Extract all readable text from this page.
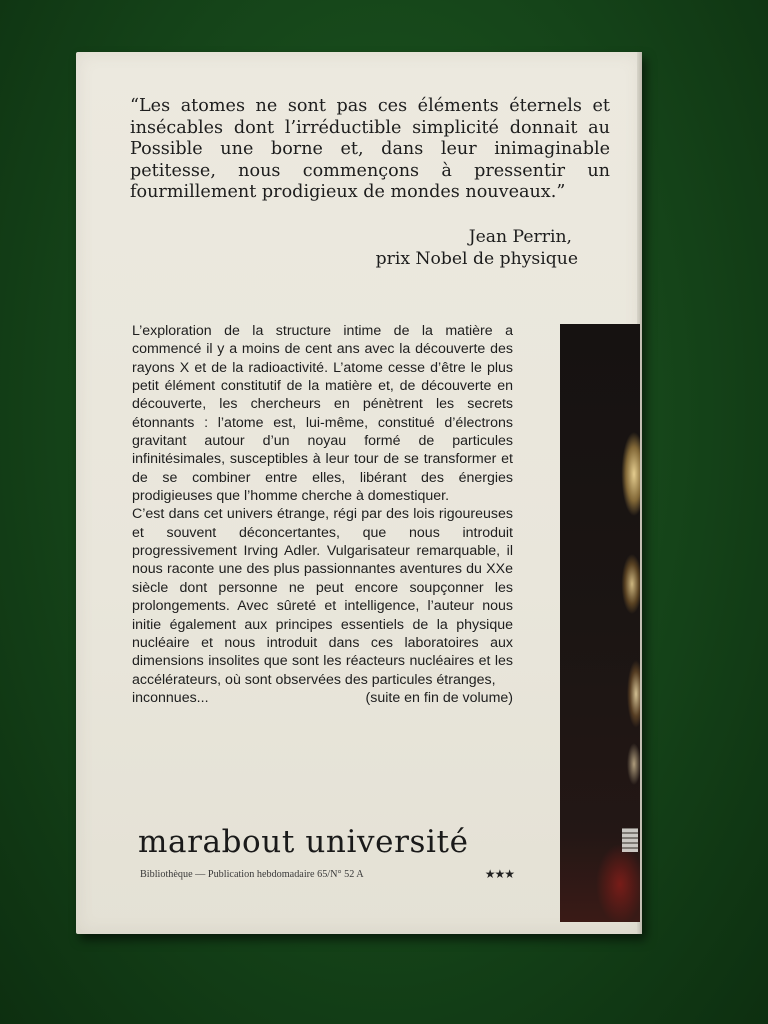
“Les atomes ne sont pas ces éléments éternels et insécables dont l’irréductible simplicité donnait au Possible une borne et, dans leur inimaginable petitesse, nous commençons à pressentir un fourmillement prodigieux de mondes nouveaux.”

Jean Perrin,
prix Nobel de physique

L’exploration de la structure intime de la matière a commencé il y a moins de cent ans avec la découverte des rayons X et de la radioactivité. L’atome cesse d’être le plus petit élément constitutif de la matière et, de découverte en découverte, les chercheurs en pénètrent les secrets étonnants : l’atome est, lui-même, constitué d’électrons gravitant autour d’un noyau formé de particules infinitésimales, susceptibles à leur tour de se transformer et de se combiner entre elles, libérant des énergies prodigieuses que l’homme cherche à domestiquer.

C’est dans cet univers étrange, régi par des lois rigoureuses et souvent déconcertantes, que nous introduit progressivement Irving Adler. Vulgarisateur remarquable, il nous raconte une des plus passionnantes aventures du XXe siècle dont personne ne peut encore soupçonner les prolongements. Avec sûreté et intelligence, l’auteur nous initie également aux principes essentiels de la physique nucléaire et nous introduit dans ces laboratoires aux dimensions insolites que sont les réacteurs nucléaires et les accélérateurs, où sont observées des particules étranges,

inconnues...	(suite en fin de volume)
marabout université
Bibliothèque — Publication hebdomadaire 65/N° 52 A	★★★
